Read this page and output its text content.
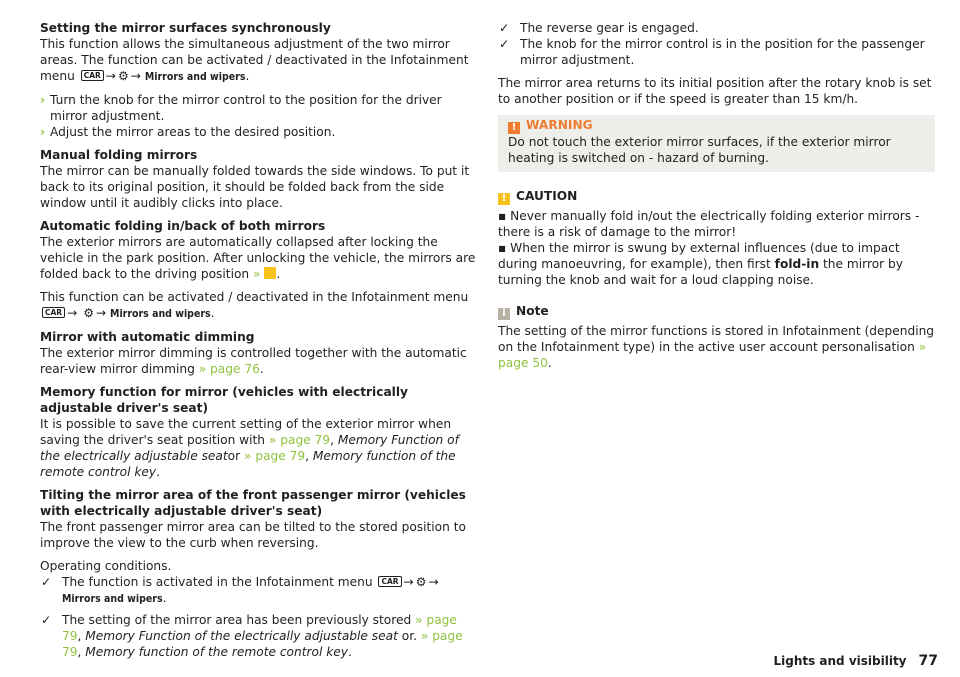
Setting the mirror surfaces synchronously

This function allows the simultaneous adjustment of the two mirror areas. The function can be activated / deactivated in the Infotainment menu CAR → ⚙ → Mirrors and wipers.

› Turn the knob for the mirror control to the position for the driver mirror adjustment.

› Adjust the mirror areas to the desired position.

Manual folding mirrors

The mirror can be manually folded towards the side windows. To put it back to its original position, it should be folded back from the side window until it audibly clicks into place.

Automatic folding in/back of both mirrors

The exterior mirrors are automatically collapsed after locking the vehicle in the park position. After unlocking the vehicle, the mirrors are folded back to the driving position » .

This function can be activated / deactivated in the Infotainment menu CAR → ⚙ → Mirrors and wipers.

Mirror with automatic dimming

The exterior mirror dimming is controlled together with the automatic rear-view mirror dimming » page 76.

Memory function for mirror (vehicles with electrically adjustable driver's seat)

It is possible to save the current setting of the exterior mirror when saving the driver's seat position with » page 79, Memory Function of the electrically adjustable seator » page 79, Memory function of the remote control key.

Tilting the mirror area of the front passenger mirror (vehicles with electrically adjustable driver's seat)

The front passenger mirror area can be tilted to the stored position to improve the view to the curb when reversing.

Operating conditions.

✓ The function is activated in the Infotainment menu CAR → ⚙ → Mirrors and wipers.

✓ The setting of the mirror area has been previously stored » page 79, Memory Function of the electrically adjustable seat or. » page 79, Memory function of the remote control key.

✓ The reverse gear is engaged.

✓ The knob for the mirror control is in the position for the passenger mirror adjustment.

The mirror area returns to its initial position after the rotary knob is set to another position or if the speed is greater than 15 km/h.

! WARNING

Do not touch the exterior mirror surfaces, if the exterior mirror heating is switched on - hazard of burning.

! CAUTION

▪ Never manually fold in/out the electrically folding exterior mirrors - there is a risk of damage to the mirror!

▪ When the mirror is swung by external influences (due to impact during manoeuvring, for example), then first fold-in the mirror by turning the knob and wait for a loud clapping noise.

i Note

The setting of the mirror functions is stored in Infotainment (depending on the Infotainment type) in the active user account personalisation » page 50.

Lights and visibility 77
